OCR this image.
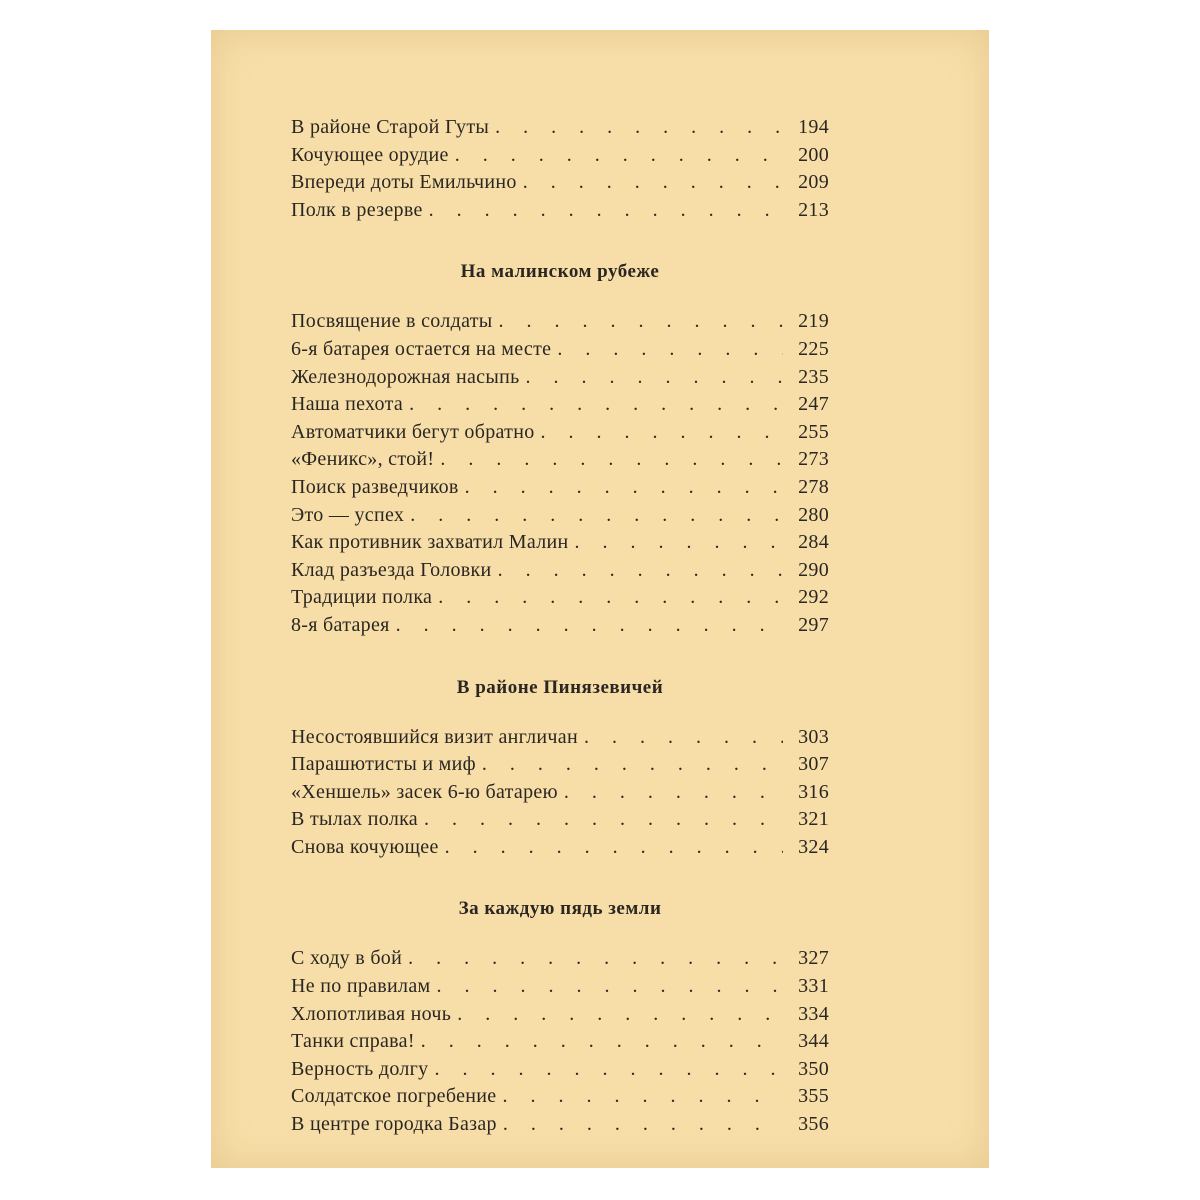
В районе Старой Гуты . . .	194
Кочующее орудие . . .	200
Впереди доты Емильчино . . .	209
Полк в резерве . . .	213
На малинском рубеже
Посвящение в солдаты . . .	219
6-я батарея остается на месте . . .	225
Железнодорожная насыпь . . .	235
Наша пехота . . .	247
Автоматчики бегут обратно . . .	255
«Феникс», стой! . . .	273
Поиск разведчиков . . .	278
Это — успех . . .	280
Как противник захватил Малин . . .	284
Клад разъезда Головки . . .	290
Традиции полка . . .	292
8-я батарея . . .	297
В районе Пинязевичей
Несостоявшийся визит англичан . . .	303
Парашютисты и миф . . .	307
«Хеншель» засек 6-ю батарею . . .	316
В тылах полка . . .	321
Снова кочующее . . .	324
За каждую пядь земли
С ходу в бой . . .	327
Не по правилам . . .	331
Хлопотливая ночь . . .	334
Танки справа! . . .	344
Верность долгу . . .	350
Солдатское погребение . . .	355
В центре городка Базар . . .	356
